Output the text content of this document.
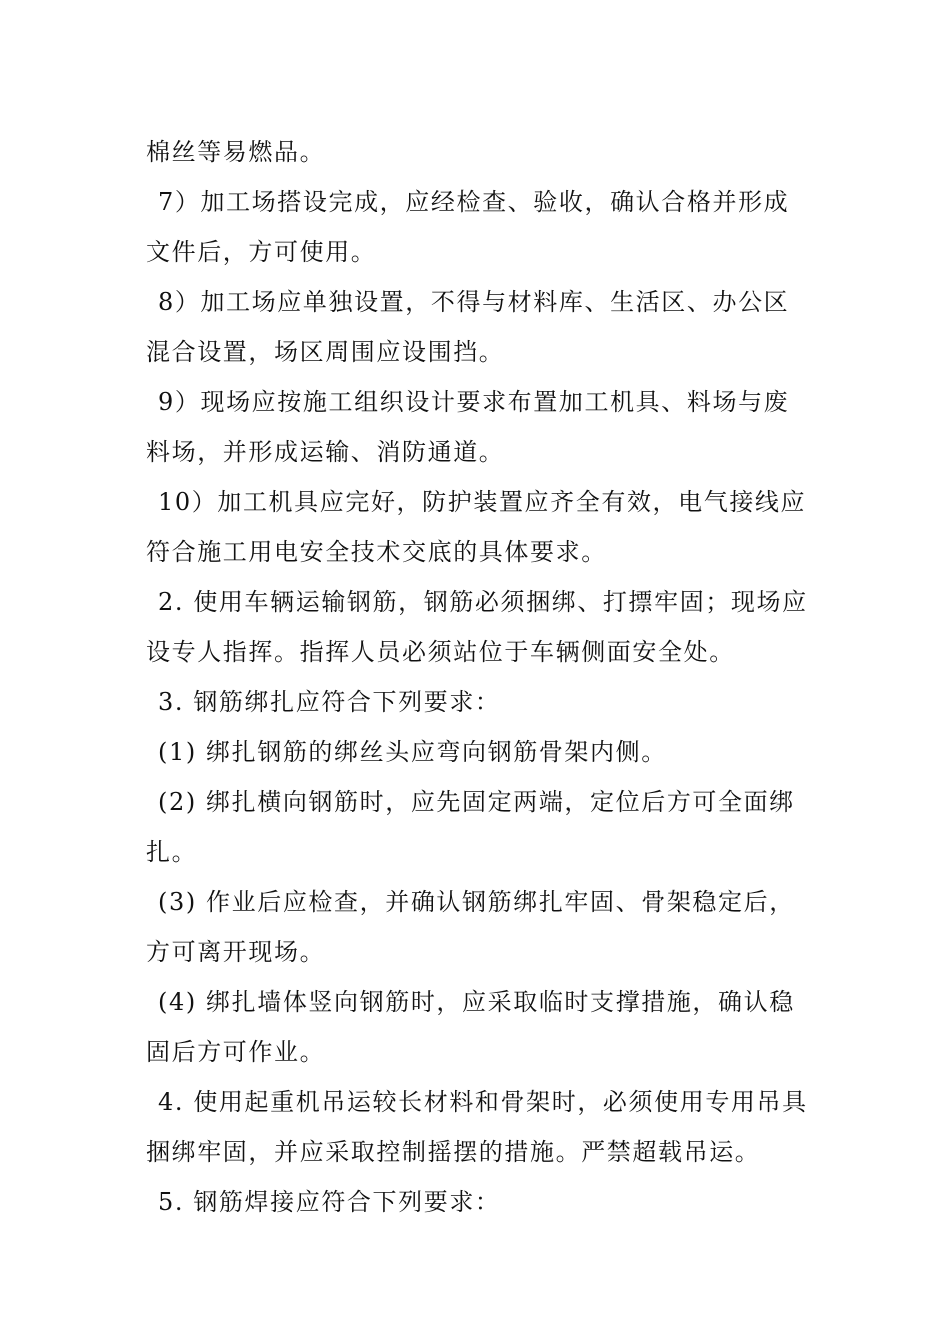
棉丝等易燃品。

7）加工场搭设完成，应经检查、验收，确认合格并形成文件后，方可使用。

8）加工场应单独设置，不得与材料库、生活区、办公区混合设置，场区周围应设围挡。

9）现场应按施工组织设计要求布置加工机具、料场与废料场，并形成运输、消防通道。

10）加工机具应完好，防护装置应齐全有效，电气接线应符合施工用电安全技术交底的具体要求。

2. 使用车辆运输钢筋，钢筋必须捆绑、打摽牢固；现场应设专人指挥。指挥人员必须站位于车辆侧面安全处。

3. 钢筋绑扎应符合下列要求：

(1) 绑扎钢筋的绑丝头应弯向钢筋骨架内侧。

(2) 绑扎横向钢筋时，应先固定两端，定位后方可全面绑扎。

(3) 作业后应检查，并确认钢筋绑扎牢固、骨架稳定后，方可离开现场。

(4) 绑扎墙体竖向钢筋时，应采取临时支撑措施，确认稳固后方可作业。

4. 使用起重机吊运较长材料和骨架时，必须使用专用吊具捆绑牢固，并应采取控制摇摆的措施。严禁超载吊运。

5. 钢筋焊接应符合下列要求：
